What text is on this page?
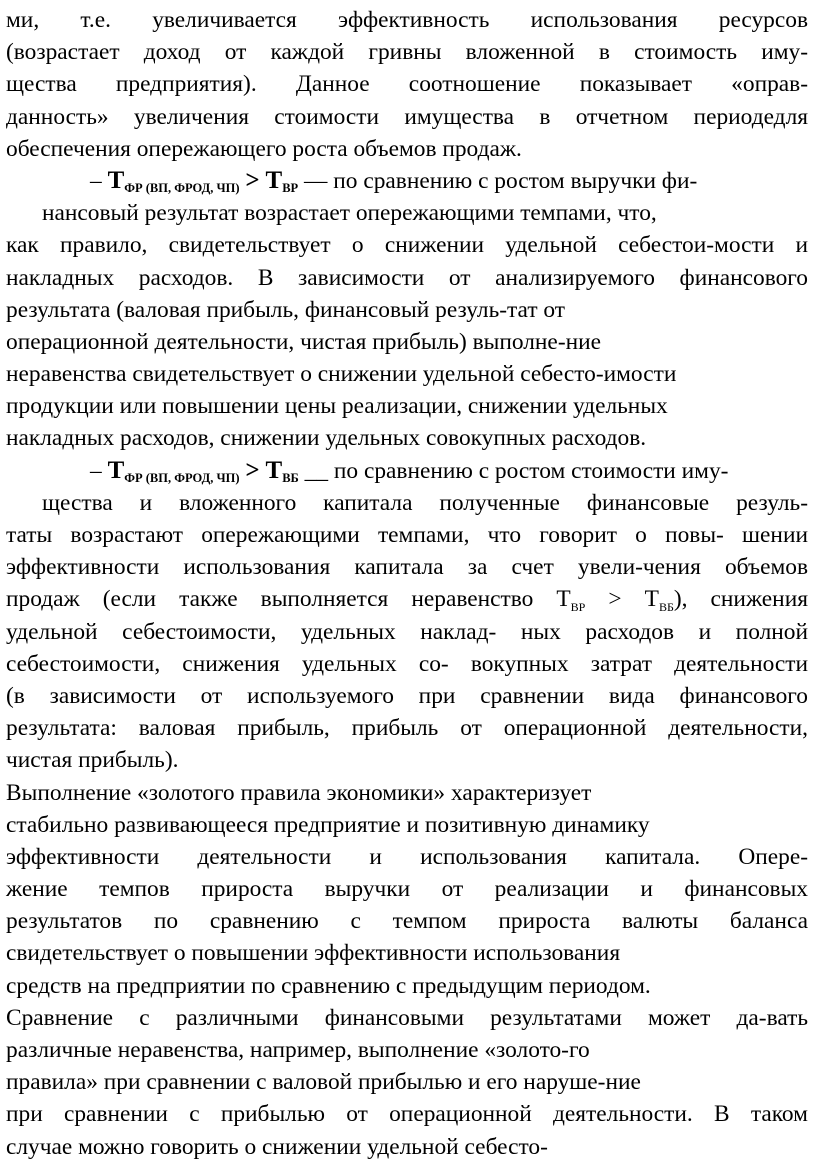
ми, т.е. увеличивается эффективность использования ресурсов
(возрастает доход от каждой гривны вложенной в стоимость иму-
щества предприятия). Данное соотношение показывает «оправ-
данность» увеличения стоимости имущества в отчетном периодедля
обеспечения опережающего роста объемов продаж.
– $Т_{ФР (ВП, ФРОД, ЧП)} > Т_{ВР}$ — по сравнению с ростом выручки фи-
нансовый результат возрастает опережающими темпами, что,
как правило, свидетельствует о снижении удельной себестои-мости и
накладных расходов. В зависимости от анализируемого финансового
результата (валовая прибыль, финансовый резуль-тат от
операционной деятельности, чистая прибыль) выполне-ние
неравенства свидетельствует о снижении удельной себесто-имости
продукции или повышении цены реализации, снижении удельных
накладных расходов, снижении удельных совокупных расходов.
– $Т_{ФР (ВП, ФРОД, ЧП)} > Т_{ВБ}$ __ по сравнению с ростом стоимости иму-
щества и вложенного капитала полученные финансовые резуль-
таты возрастают опережающими темпами, что говорит о повы- шении
эффективности использования капитала за счет увели-чения объемов
продаж (если также выполняется неравенство $Т_{ВР} > Т_{ВБ}$), снижения
удельной себестоимости, удельных наклад- ных расходов и полной
себестоимости, снижения удельных со- вокупных затрат деятельности
(в зависимости от используемого при сравнении вида финансового
результата: валовая прибыль, прибыль от операционной деятельности,
чистая прибыль).
Выполнение «золотого правила экономики» характеризует
стабильно развивающееся предприятие и позитивную динамику
эффективности деятельности и использования капитала. Опере-
жение темпов прироста выручки от реализации и финансовых
результатов по сравнению с темпом прироста валюты баланса
свидетельствует о повышении эффективности использования
средств на предприятии по сравнению с предыдущим периодом.
Сравнение с различными финансовыми результатами может да-вать
различные неравенства, например, выполнение «золото-го
правила» при сравнении с валовой прибылью и его наруше-ние
при сравнении с прибылью от операционной деятельности. В таком
случае можно говорить о снижении удельной себесто-
